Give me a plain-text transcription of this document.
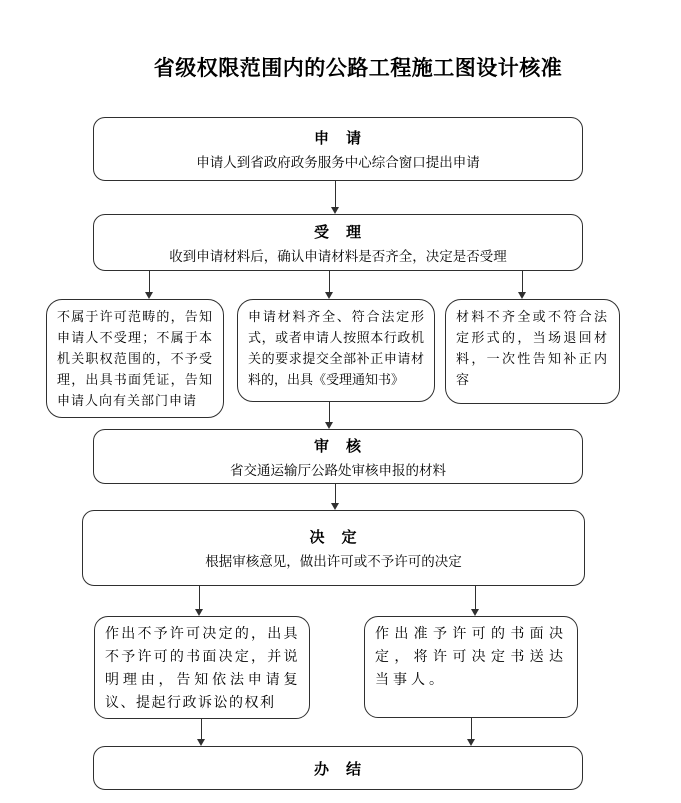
省级权限范围内的公路工程施工图设计核准
申　请
申请人到省政府政务服务中心综合窗口提出申请
受　理
收到申请材料后，确认申请材料是否齐全，决定是否受理
不属于许可范畴的，告知申请人不受理；不属于本机关职权范围的，不予受理，出具书面凭证，告知申请人向有关部门申请
申请材料齐全、符合法定形式，或者申请人按照本行政机关的要求提交全部补正申请材料的，出具《受理通知书》
材料不齐全或不符合法定形式的，当场退回材料，一次性告知补正内容
审　核
省交通运输厅公路处审核申报的材料
决　定
根据审核意见，做出许可或不予许可的决定
作出不予许可决定的，出具不予许可的书面决定，并说明理由，告知依法申请复议、提起行政诉讼的权利
作出准予许可的书面决定，将许可决定书送达当事人。
办　结
